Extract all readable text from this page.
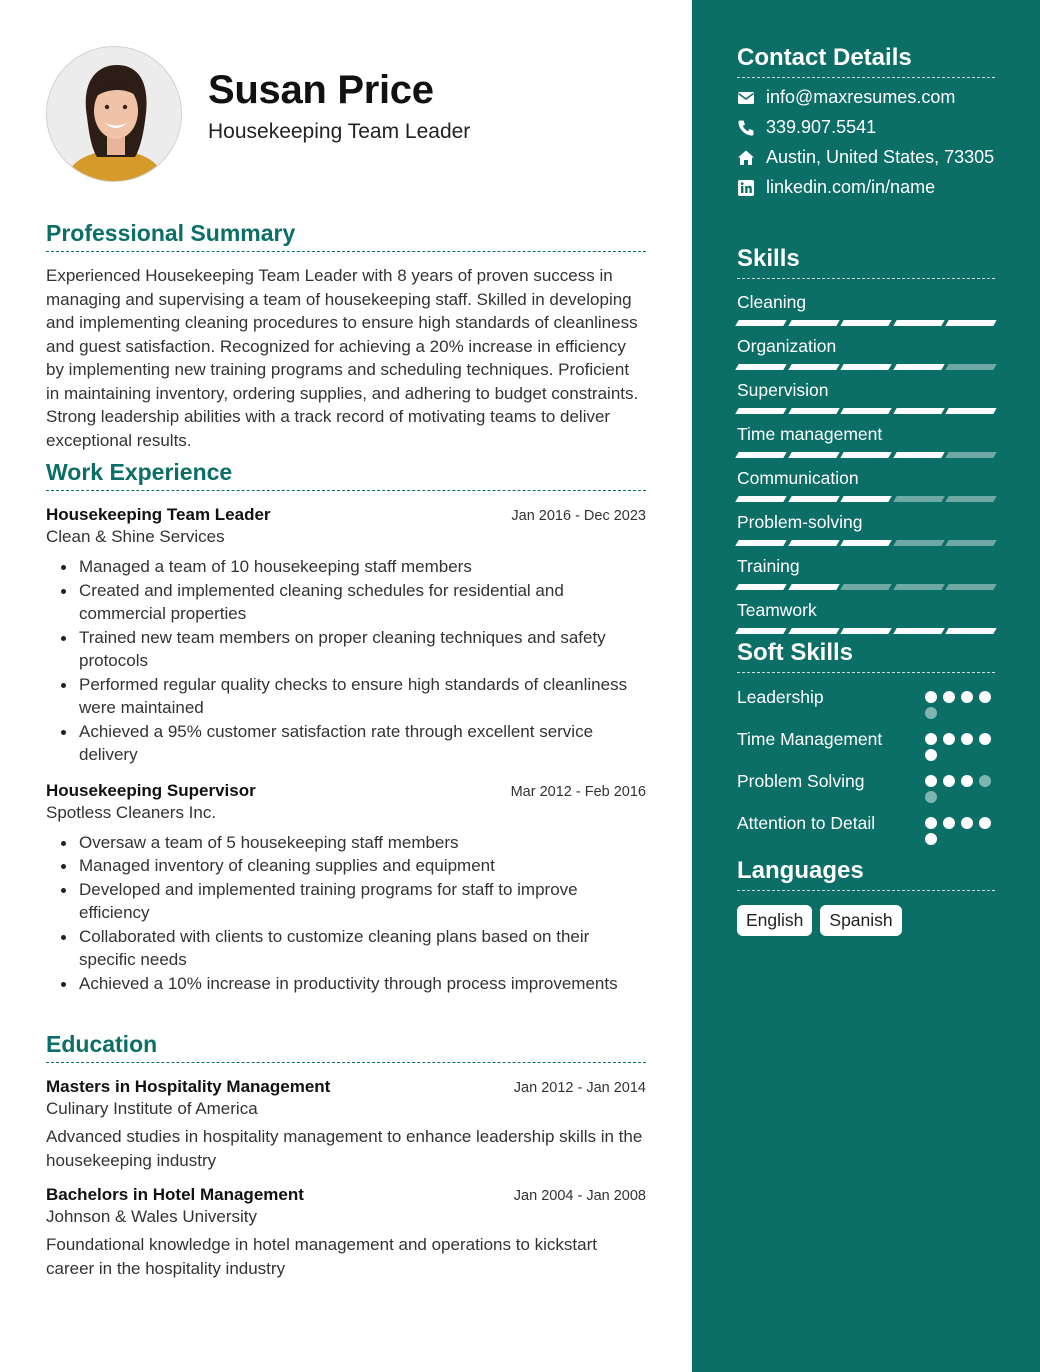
Susan Price
Housekeeping Team Leader
Professional Summary

Experienced Housekeeping Team Leader with 8 years of proven success in managing and supervising a team of housekeeping staff. Skilled in developing and implementing cleaning procedures to ensure high standards of cleanliness and guest satisfaction. Recognized for achieving a 20% increase in efficiency by implementing new training programs and scheduling techniques. Proficient in maintaining inventory, ordering supplies, and adhering to budget constraints. Strong leadership abilities with a track record of motivating teams to deliver exceptional results.

Work Experience
Housekeeping Team Leader	Jan 2016 - Dec 2023
Clean & Shine Services
Managed a team of 10 housekeeping staff members
Created and implemented cleaning schedules for residential and commercial properties
Trained new team members on proper cleaning techniques and safety protocols
Performed regular quality checks to ensure high standards of cleanliness were maintained
Achieved a 95% customer satisfaction rate through excellent service delivery
Housekeeping Supervisor	Mar 2012 - Feb 2016
Spotless Cleaners Inc.
Oversaw a team of 5 housekeeping staff members
Managed inventory of cleaning supplies and equipment
Developed and implemented training programs for staff to improve efficiency
Collaborated with clients to customize cleaning plans based on their specific needs
Achieved a 10% increase in productivity through process improvements
Education
Masters in Hospitality Management	Jan 2012 - Jan 2014
Culinary Institute of America

Advanced studies in hospitality management to enhance leadership skills in the housekeeping industry

Bachelors in Hotel Management	Jan 2004 - Jan 2008
Johnson & Wales University

Foundational knowledge in hotel management and operations to kickstart career in the hospitality industry

Contact Details
info@maxresumes.com
339.907.5541
Austin, United States, 73305
linkedin.com/in/name
Skills
Cleaning
Organization
Supervision
Time management
Communication
Problem-solving
Training
Teamwork
Soft Skills
Leadership
Time Management
Problem Solving
Attention to Detail
Languages
English	Spanish
